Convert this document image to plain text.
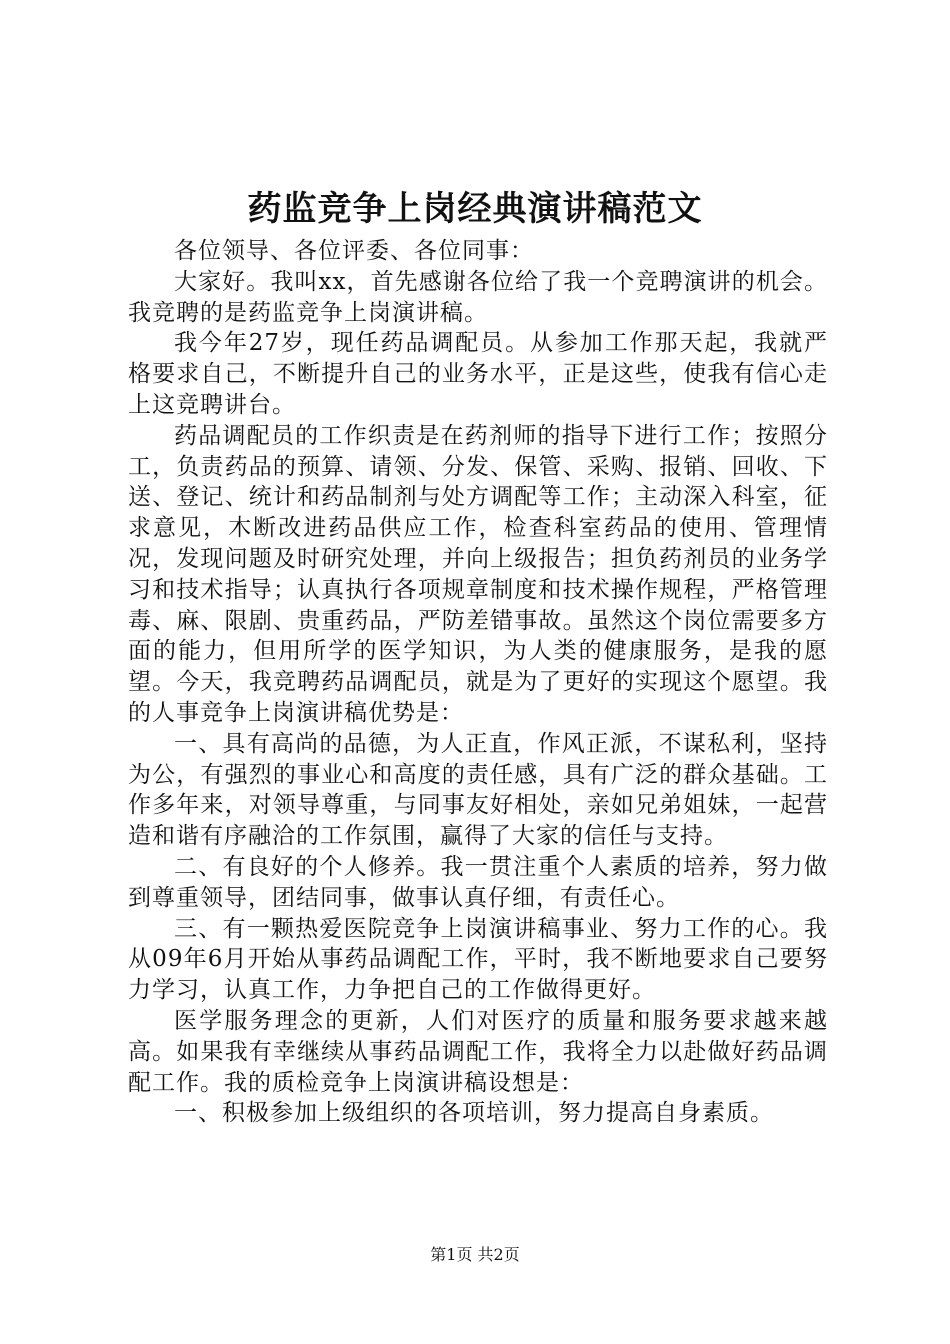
药监竞争上岗经典演讲稿范文

各位领导、各位评委、各位同事：

大家好。我叫xx，首先感谢各位给了我一个竞聘演讲的机会。我竞聘的是药监竞争上岗演讲稿。

我今年27岁，现任药品调配员。从参加工作那天起，我就严格要求自己，不断提升自己的业务水平，正是这些，使我有信心走上这竞聘讲台。

药品调配员的工作织责是在药剂师的指导下进行工作；按照分工，负责药品的预算、请领、分发、保管、采购、报销、回收、下送、登记、统计和药品制剂与处方调配等工作；主动深入科室，征求意见，木断改进药品供应工作，检查科室药品的使用、管理情况，发现问题及时研究处理，并向上级报告；担负药剂员的业务学习和技术指导；认真执行各项规章制度和技术操作规程，严格管理毒、麻、限剧、贵重药品，严防差错事故。虽然这个岗位需要多方面的能力，但用所学的医学知识，为人类的健康服务，是我的愿望。今天，我竞聘药品调配员，就是为了更好的实现这个愿望。我的人事竞争上岗演讲稿优势是：

一、具有高尚的品德，为人正直，作风正派，不谋私利，坚持为公，有强烈的事业心和高度的责任感，具有广泛的群众基础。工作多年来，对领导尊重，与同事友好相处，亲如兄弟姐妹，一起营造和谐有序融洽的工作氛围，赢得了大家的信任与支持。

二、有良好的个人修养。我一贯注重个人素质的培养，努力做到尊重领导，团结同事，做事认真仔细，有责任心。

三、有一颗热爱医院竞争上岗演讲稿事业、努力工作的心。我从09年6月开始从事药品调配工作，平时，我不断地要求自己要努力学习，认真工作，力争把自己的工作做得更好。

医学服务理念的更新，人们对医疗的质量和服务要求越来越高。如果我有幸继续从事药品调配工作，我将全力以赴做好药品调配工作。我的质检竞争上岗演讲稿设想是：

一、积极参加上级组织的各项培训，努力提高自身素质。

第1页 共2页
